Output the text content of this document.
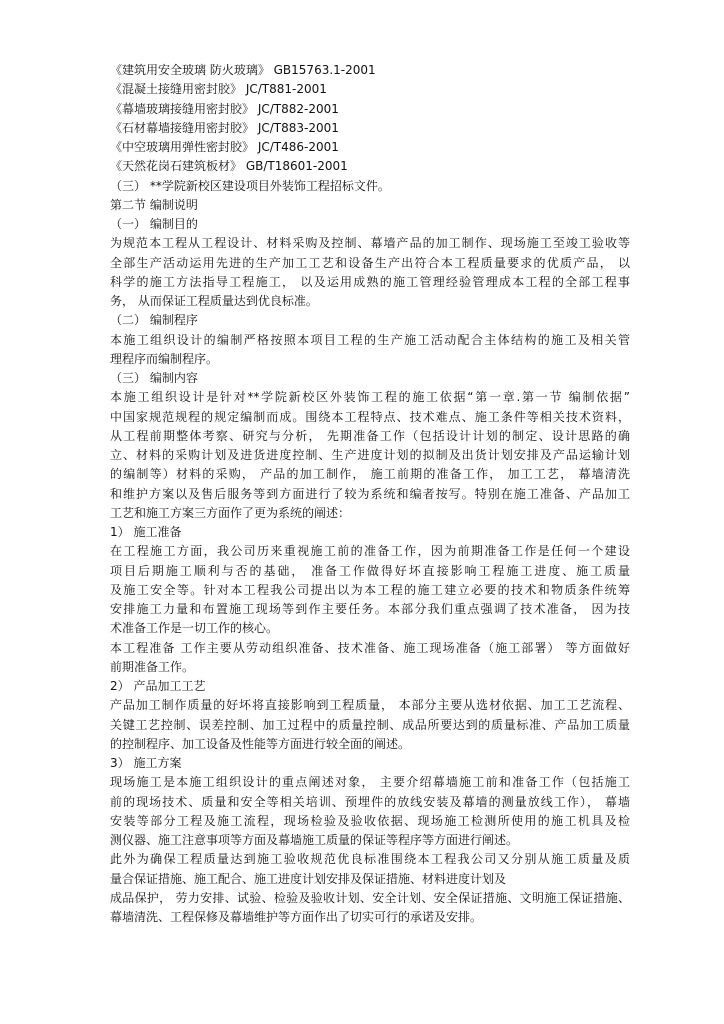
《建筑用安全玻璃 防火玻璃》 GB15763.1-2001
《混凝土接缝用密封胶》 JC/T881-2001
《幕墙玻璃接缝用密封胶》 JC/T882-2001
《石材幕墙接缝用密封胶》 JC/T883-2001
《中空玻璃用弹性密封胶》 JC/T486-2001
《天然花岗石建筑板材》 GB/T18601-2001
（三） **学院新校区建设项目外装饰工程招标文件。
第二节 编制说明
（一） 编制目的
为规范本工程从工程设计、材料采购及控制、幕墙产品的加工制作、现场施工至竣工验收等
全部生产活动运用先进的生产加工工艺和设备生产出符合本工程质量要求的优质产品， 以
科学的施工方法指导工程施工， 以及运用成熟的施工管理经验管理成本工程的全部工程事
务， 从而保证工程质量达到优良标准。
（二） 编制程序
本施工组织设计的编制严格按照本项目工程的生产施工活动配合主体结构的施工及相关管
理程序而编制程序。
（三） 编制内容
本施工组织设计是针对**学院新校区外装饰工程的施工依据“第一章.第一节 编制依据”
中国家规范规程的规定编制而成。围绕本工程特点、技术难点、施工条件等相关技术资料，
从工程前期整体考察、研究与分析， 先期准备工作（包括设计计划的制定、设计思路的确
立、材料的采购计划及进货进度控制、生产进度计划的拟制及出货计划安排及产品运输计划
的编制等）材料的采购， 产品的加工制作， 施工前期的准备工作， 加工工艺， 幕墙清洗
和维护方案以及售后服务等到方面进行了较为系统和编者按写。特别在施工准备、产品加工
工艺和施工方案三方面作了更为系统的阐述：
1） 施工准备
在工程施工方面，我公司历来重视施工前的准备工作，因为前期准备工作是任何一个建设
项目后期施工顺利与否的基础， 准备工作做得好坏直接影响工程施工进度、施工质量
及施工安全等。针对本工程我公司提出以为本工程的施工建立必要的技术和物质条件统筹
安排施工力量和布置施工现场等到作主要任务。本部分我们重点强调了技术准备， 因为技
术准备工作是一切工作的核心。
本工程准备 工作主要从劳动组织准备、技术准备、施工现场准备（施工部署） 等方面做好
前期准备工作。
2） 产品加工工艺
产品加工制作质量的好坏将直接影响到工程质量， 本部分主要从选材依据、加工工艺流程、
关键工艺控制、误差控制、加工过程中的质量控制、成品所要达到的质量标准、产品加工质量
的控制程序、加工设备及性能等方面进行较全面的阐述。
3） 施工方案
现场施工是本施工组织设计的重点阐述对象， 主要介绍幕墙施工前和准备工作（包括施工
前的现场技术、质量和安全等相关培训、预埋件的放线安装及幕墙的测量放线工作）， 幕墙
安装等部分工程及施工流程，现场检验及验收依据、现场施工检测所使用的施工机具及检
测仪器、施工注意事项等方面及幕墙施工质量的保证等程序等方面进行阐述。
此外为确保工程质量达到施工验收规范优良标准围绕本工程我公司又分别从施工质量及质
量合保证措施、施工配合、施工进度计划安排及保证措施、材料进度计划及
成品保护， 劳力安排、试验、检验及验收计划、安全计划、安全保证措施、文明施工保证措施、
幕墙清洗、工程保修及幕墙维护等方面作出了切实可行的承诺及安排。
